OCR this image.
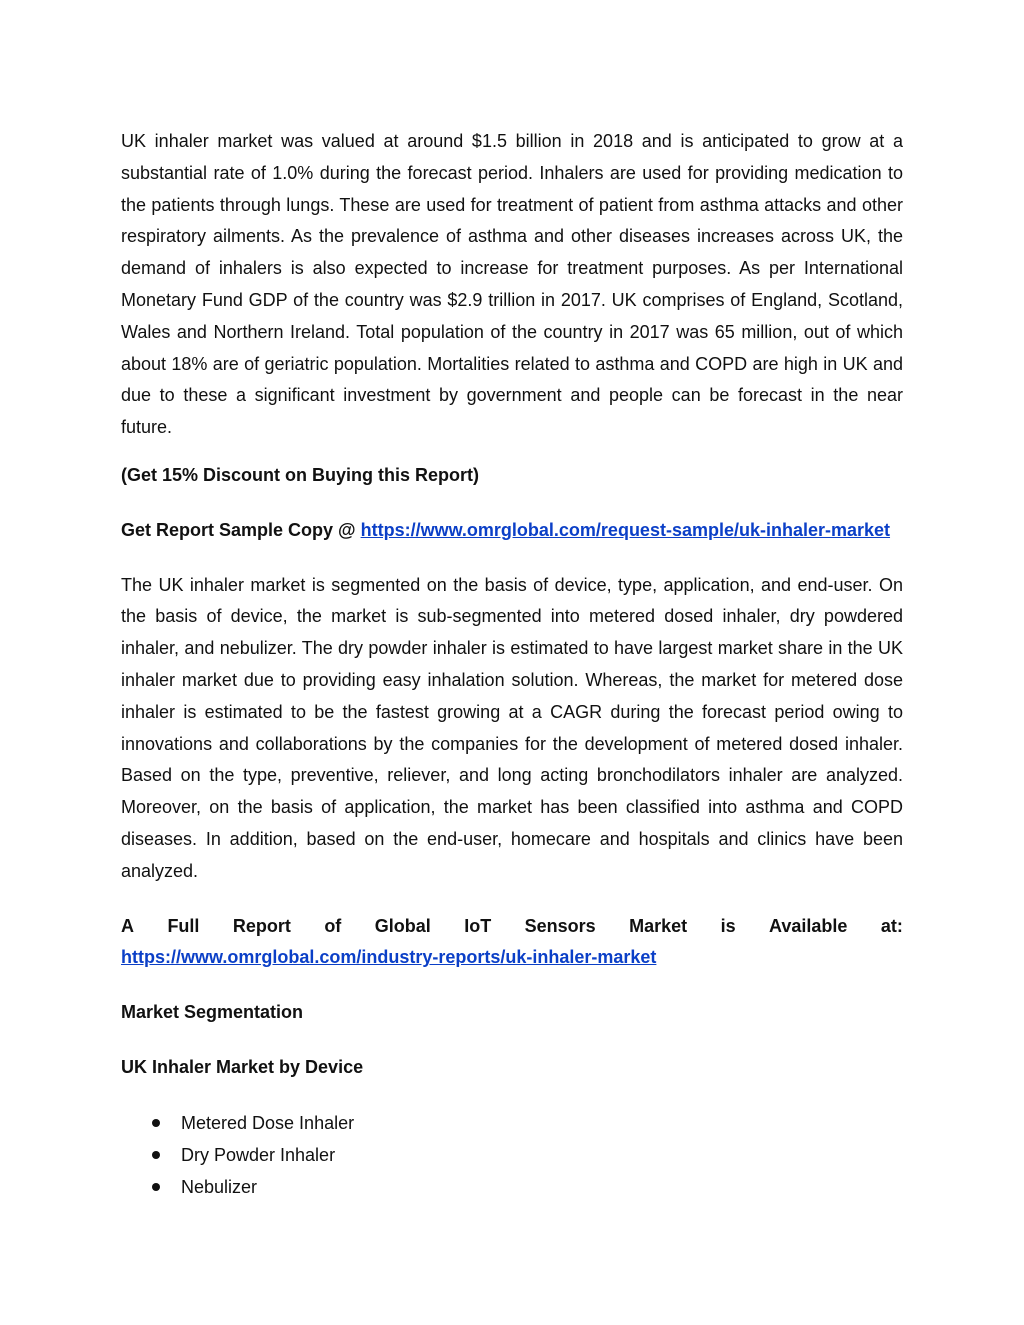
UK inhaler market was valued at around $1.5 billion in 2018 and is anticipated to grow at a substantial rate of 1.0% during the forecast period. Inhalers are used for providing medication to the patients through lungs. These are used for treatment of patient from asthma attacks and other respiratory ailments. As the prevalence of asthma and other diseases increases across UK, the demand of inhalers is also expected to increase for treatment purposes. As per International Monetary Fund GDP of the country was $2.9 trillion in 2017. UK comprises of England, Scotland, Wales and Northern Ireland. Total population of the country in 2017 was 65 million, out of which about 18% are of geriatric population. Mortalities related to asthma and COPD are high in UK and due to these a significant investment by government and people can be forecast in the near future.

(Get 15% Discount on Buying this Report)

Get Report Sample Copy @ https://www.omrglobal.com/request-sample/uk-inhaler-market

The UK inhaler market is segmented on the basis of device, type, application, and end-user. On the basis of device, the market is sub-segmented into metered dosed inhaler, dry powdered inhaler, and nebulizer. The dry powder inhaler is estimated to have largest market share in the UK inhaler market due to providing easy inhalation solution. Whereas, the market for metered dose inhaler is estimated to be the fastest growing at a CAGR during the forecast period owing to innovations and collaborations by the companies for the development of metered dosed inhaler. Based on the type, preventive, reliever, and long acting bronchodilators inhaler are analyzed. Moreover, on the basis of application, the market has been classified into asthma and COPD diseases. In addition, based on the end-user, homecare and hospitals and clinics have been analyzed.

A Full Report of Global IoT Sensors Market is Available at:

https://www.omrglobal.com/industry-reports/uk-inhaler-market

Market Segmentation

UK Inhaler Market by Device

Metered Dose Inhaler
Dry Powder Inhaler
Nebulizer
